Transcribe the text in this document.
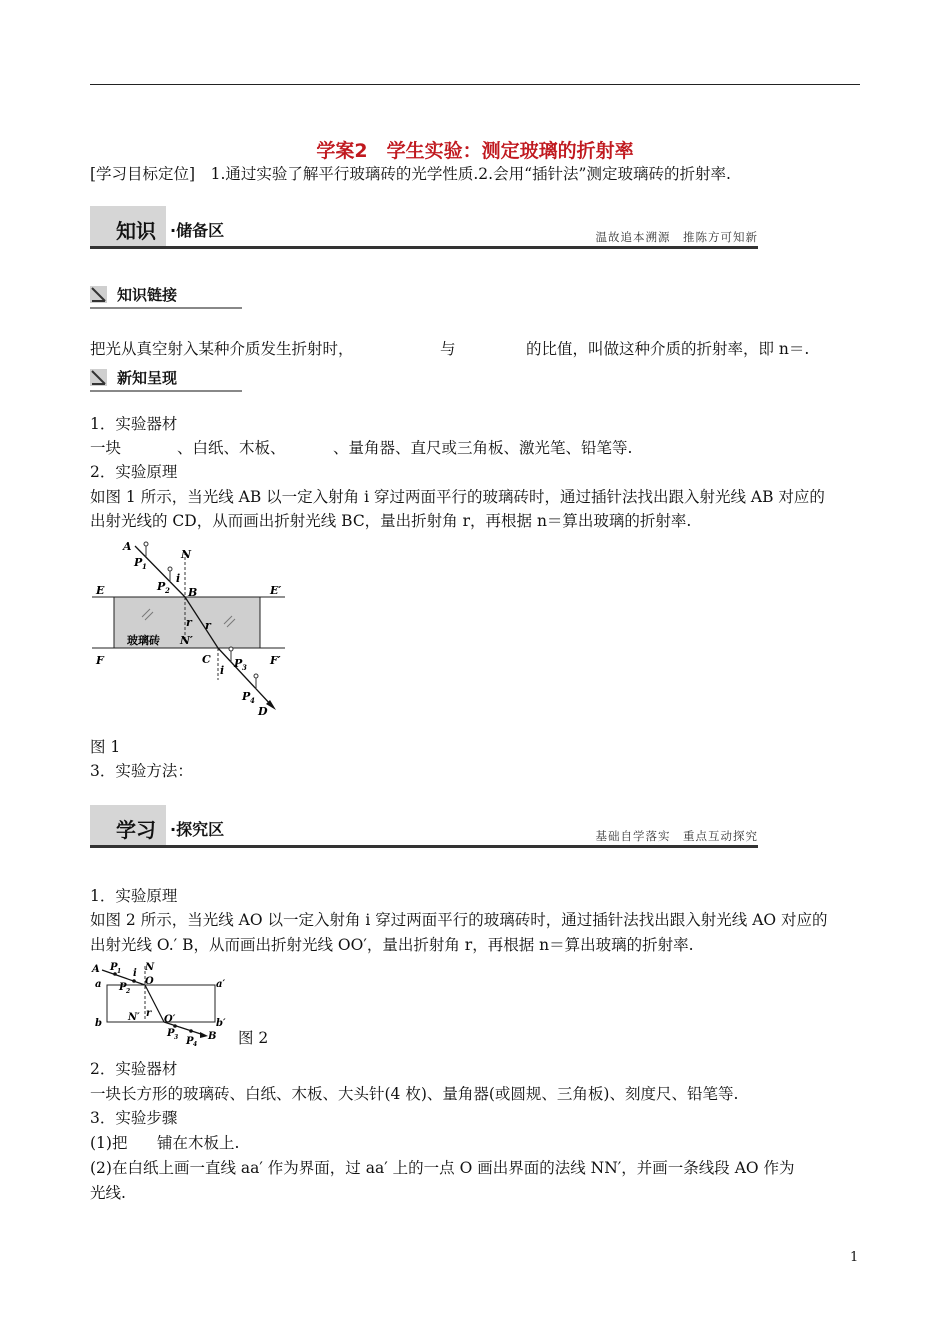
学案2　学生实验：测定玻璃的折射率
[学习目标定位]　1.通过实验了解平行玻璃砖的光学性质.2.会用“插针法”测定玻璃砖的折射率.
知识 ·储备区	温故追本溯源　推陈方可知新
知识链接
把光从真空射入某种介质发生折射时，	与	的比值，叫做这种介质的折射率，即 n＝.
新知呈现
1．实验器材
一块	、白纸、木板、	、量角器、直尺或三角板、激光笔、铅笔等.
2．实验原理
如图 1 所示，当光线 AB 以一定入射角 i 穿过两面平行的玻璃砖时，通过插针法找出跟入射光线 AB 对应的
出射光线的 CD，从而画出折射光线 BC，量出折射角 r，再根据 n＝算出玻璃的折射率.
A
N
P 1
i
P 2 B
E	E′
玻璃砖
r
N′
r
C P 3
F	F′
i
P 4
D
图 1
3．实验方法：
学习 ·探究区	基础自学落实　重点互动探究
1．实验原理
如图 2 所示，当光线 AO 以一定入射角 i 穿过两面平行的玻璃砖时，通过插针法找出跟入射光线 AO 对应的
出射光线 O.′ B，从而画出折射光线 OO′，量出折射角 r，再根据 n＝算出玻璃的折射率.
A P 1 i
N
a P 2
O	a′
N′ r
O′
b	b′
P 3	B
P 4	图 2
2．实验器材
一块长方形的玻璃砖、白纸、木板、大头针(4 枚)、量角器(或圆规、三角板)、刻度尺、铅笔等.
3．实验步骤
(1)把 铺在木板上.
(2)在白纸上画一直线 aa′ 作为界面，过 aa′ 上的一点 O 画出界面的法线 NN′，并画一条线段 AO 作为
光线.
1
